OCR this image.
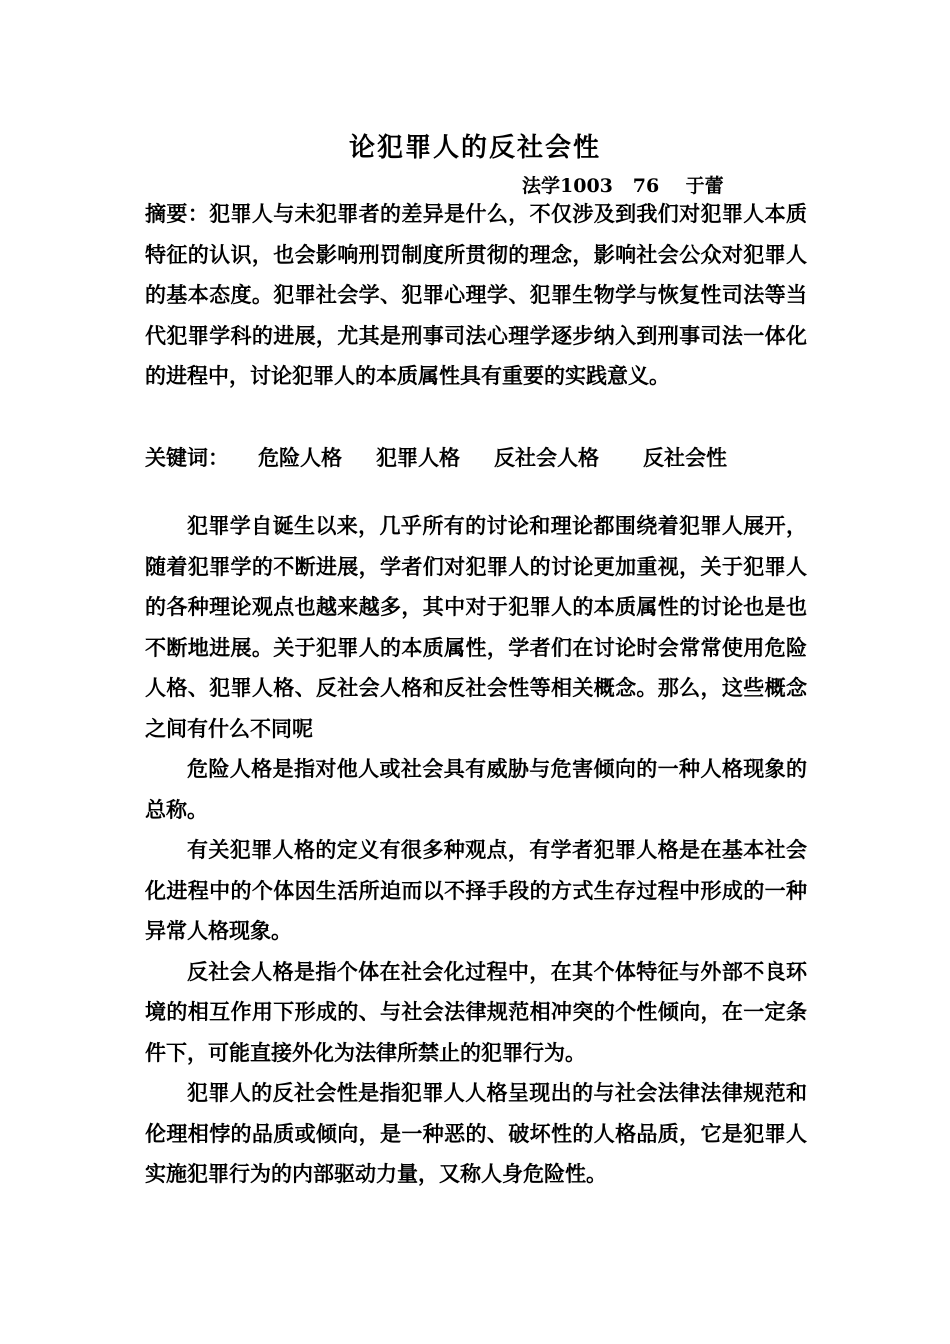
论犯罪人的反社会性
法学1003   76    于蕾
摘要：犯罪人与未犯罪者的差异是什么，不仅涉及到我们对犯罪人本质特征的认识，也会影响刑罚制度所贯彻的理念，影响社会公众对犯罪人的基本态度。犯罪社会学、犯罪心理学、犯罪生物学与恢复性司法等当代犯罪学科的进展，尤其是刑事司法心理学逐步纳入到刑事司法一体化的进程中，讨论犯罪人的本质属性具有重要的实践意义。
关键词： 危险人格 犯罪人格 反社会人格 反社会性

犯罪学自诞生以来，几乎所有的讨论和理论都围绕着犯罪人展开，随着犯罪学的不断进展，学者们对犯罪人的讨论更加重视，关于犯罪人的各种理论观点也越来越多，其中对于犯罪人的本质属性的讨论也是也不断地进展。关于犯罪人的本质属性，学者们在讨论时会常常使用危险人格、犯罪人格、反社会人格和反社会性等相关概念。那么，这些概念之间有什么不同呢

危险人格是指对他人或社会具有威胁与危害倾向的一种人格现象的总称。

有关犯罪人格的定义有很多种观点，有学者犯罪人格是在基本社会化进程中的个体因生活所迫而以不择手段的方式生存过程中形成的一种异常人格现象。

反社会人格是指个体在社会化过程中，在其个体特征与外部不良环境的相互作用下形成的、与社会法律规范相冲突的个性倾向，在一定条件下，可能直接外化为法律所禁止的犯罪行为。

犯罪人的反社会性是指犯罪人人格呈现出的与社会法律法律规范和伦理相悖的品质或倾向，是一种恶的、破坏性的人格品质，它是犯罪人实施犯罪行为的内部驱动力量，又称人身危险性。
